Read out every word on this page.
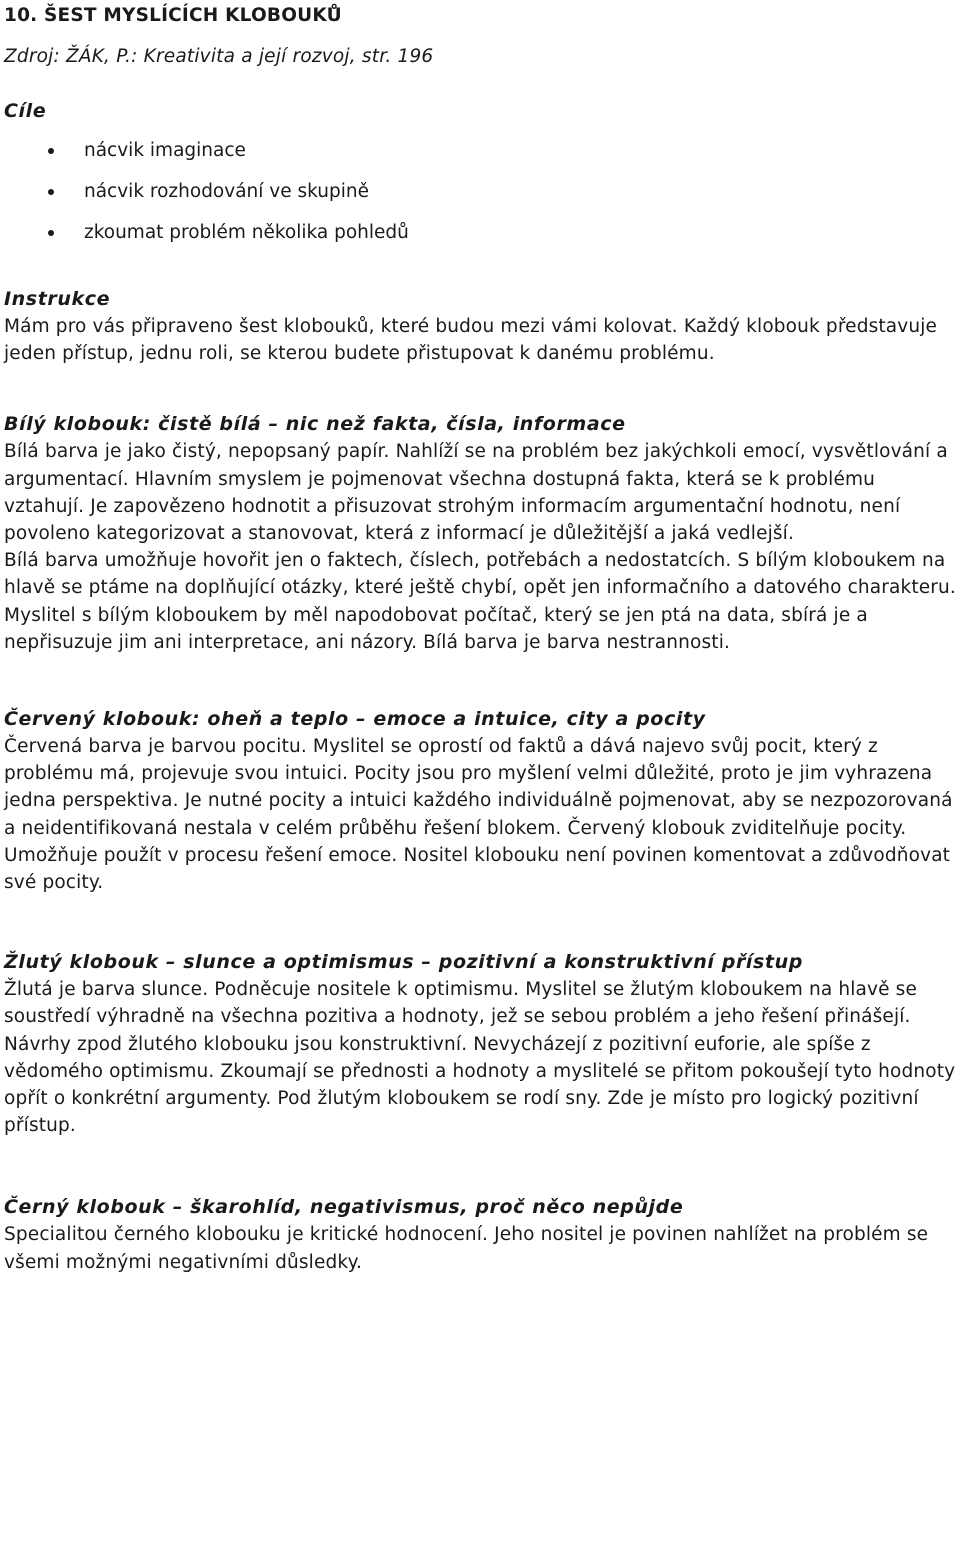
10. ŠEST MYSLÍCÍCH KLOBOUKŮ
Zdroj: ŽÁK, P.: Kreativita a její rozvoj, str. 196
Cíle
nácvik imaginace
nácvik rozhodování ve skupině
zkoumat problém několika pohledů
Instrukce

Mám pro vás připraveno šest klobouků, které budou mezi vámi kolovat. Každý klobouk představuje jeden přístup, jednu roli, se kterou budete přistupovat k danému problému.

Bílý klobouk: čistě bílá – nic než fakta, čísla, informace

Bílá barva je jako čistý, nepopsaný papír. Nahlíží se na problém bez jakýchkoli emocí, vysvětlování a argumentací. Hlavním smyslem je pojmenovat všechna dostupná fakta, která se k problému vztahují. Je zapovězeno hodnotit a přisuzovat strohým informacím argumentační hodnotu, není povoleno kategorizovat a stanovovat, která z informací je důležitější a jaká vedlejší.

Bílá barva umožňuje hovořit jen o faktech, číslech, potřebách a nedostatcích. S bílým kloboukem na hlavě se ptáme na doplňující otázky, které ještě chybí, opět jen informačního a datového charakteru. Myslitel s bílým kloboukem by měl napodobovat počítač, který se jen ptá na data, sbírá je a nepřisuzuje jim ani interpretace, ani názory. Bílá barva je barva nestrannosti.

Červený klobouk: oheň a teplo – emoce a intuice, city a pocity

Červená barva je barvou pocitu. Myslitel se oprostí od faktů a dává najevo svůj pocit, který z problému má, projevuje svou intuici. Pocity jsou pro myšlení velmi důležité, proto je jim vyhrazena jedna perspektiva. Je nutné pocity a intuici každého individuálně pojmenovat, aby se nezpozorovaná a neidentifikovaná nestala v celém průběhu řešení blokem. Červený klobouk zviditelňuje pocity. Umožňuje použít v procesu řešení emoce. Nositel klobouku není povinen komentovat a zdůvodňovat své pocity.

Žlutý klobouk – slunce a optimismus – pozitivní a konstruktivní přístup

Žlutá je barva slunce. Podněcuje nositele k optimismu. Myslitel se žlutým kloboukem na hlavě se soustředí výhradně na všechna pozitiva a hodnoty, jež se sebou problém a jeho řešení přinášejí. Návrhy zpod žlutého klobouku jsou konstruktivní. Nevycházejí z pozitivní euforie, ale spíše z vědomého optimismu. Zkoumají se přednosti a hodnoty a myslitelé se přitom pokoušejí tyto hodnoty opřít o konkrétní argumenty. Pod žlutým kloboukem se rodí sny. Zde je místo pro logický pozitivní přístup.

Černý klobouk – škarohlíd, negativismus, proč něco nepůjde

Specialitou černého klobouku je kritické hodnocení. Jeho nositel je povinen nahlížet na problém se všemi možnými negativními důsledky.
